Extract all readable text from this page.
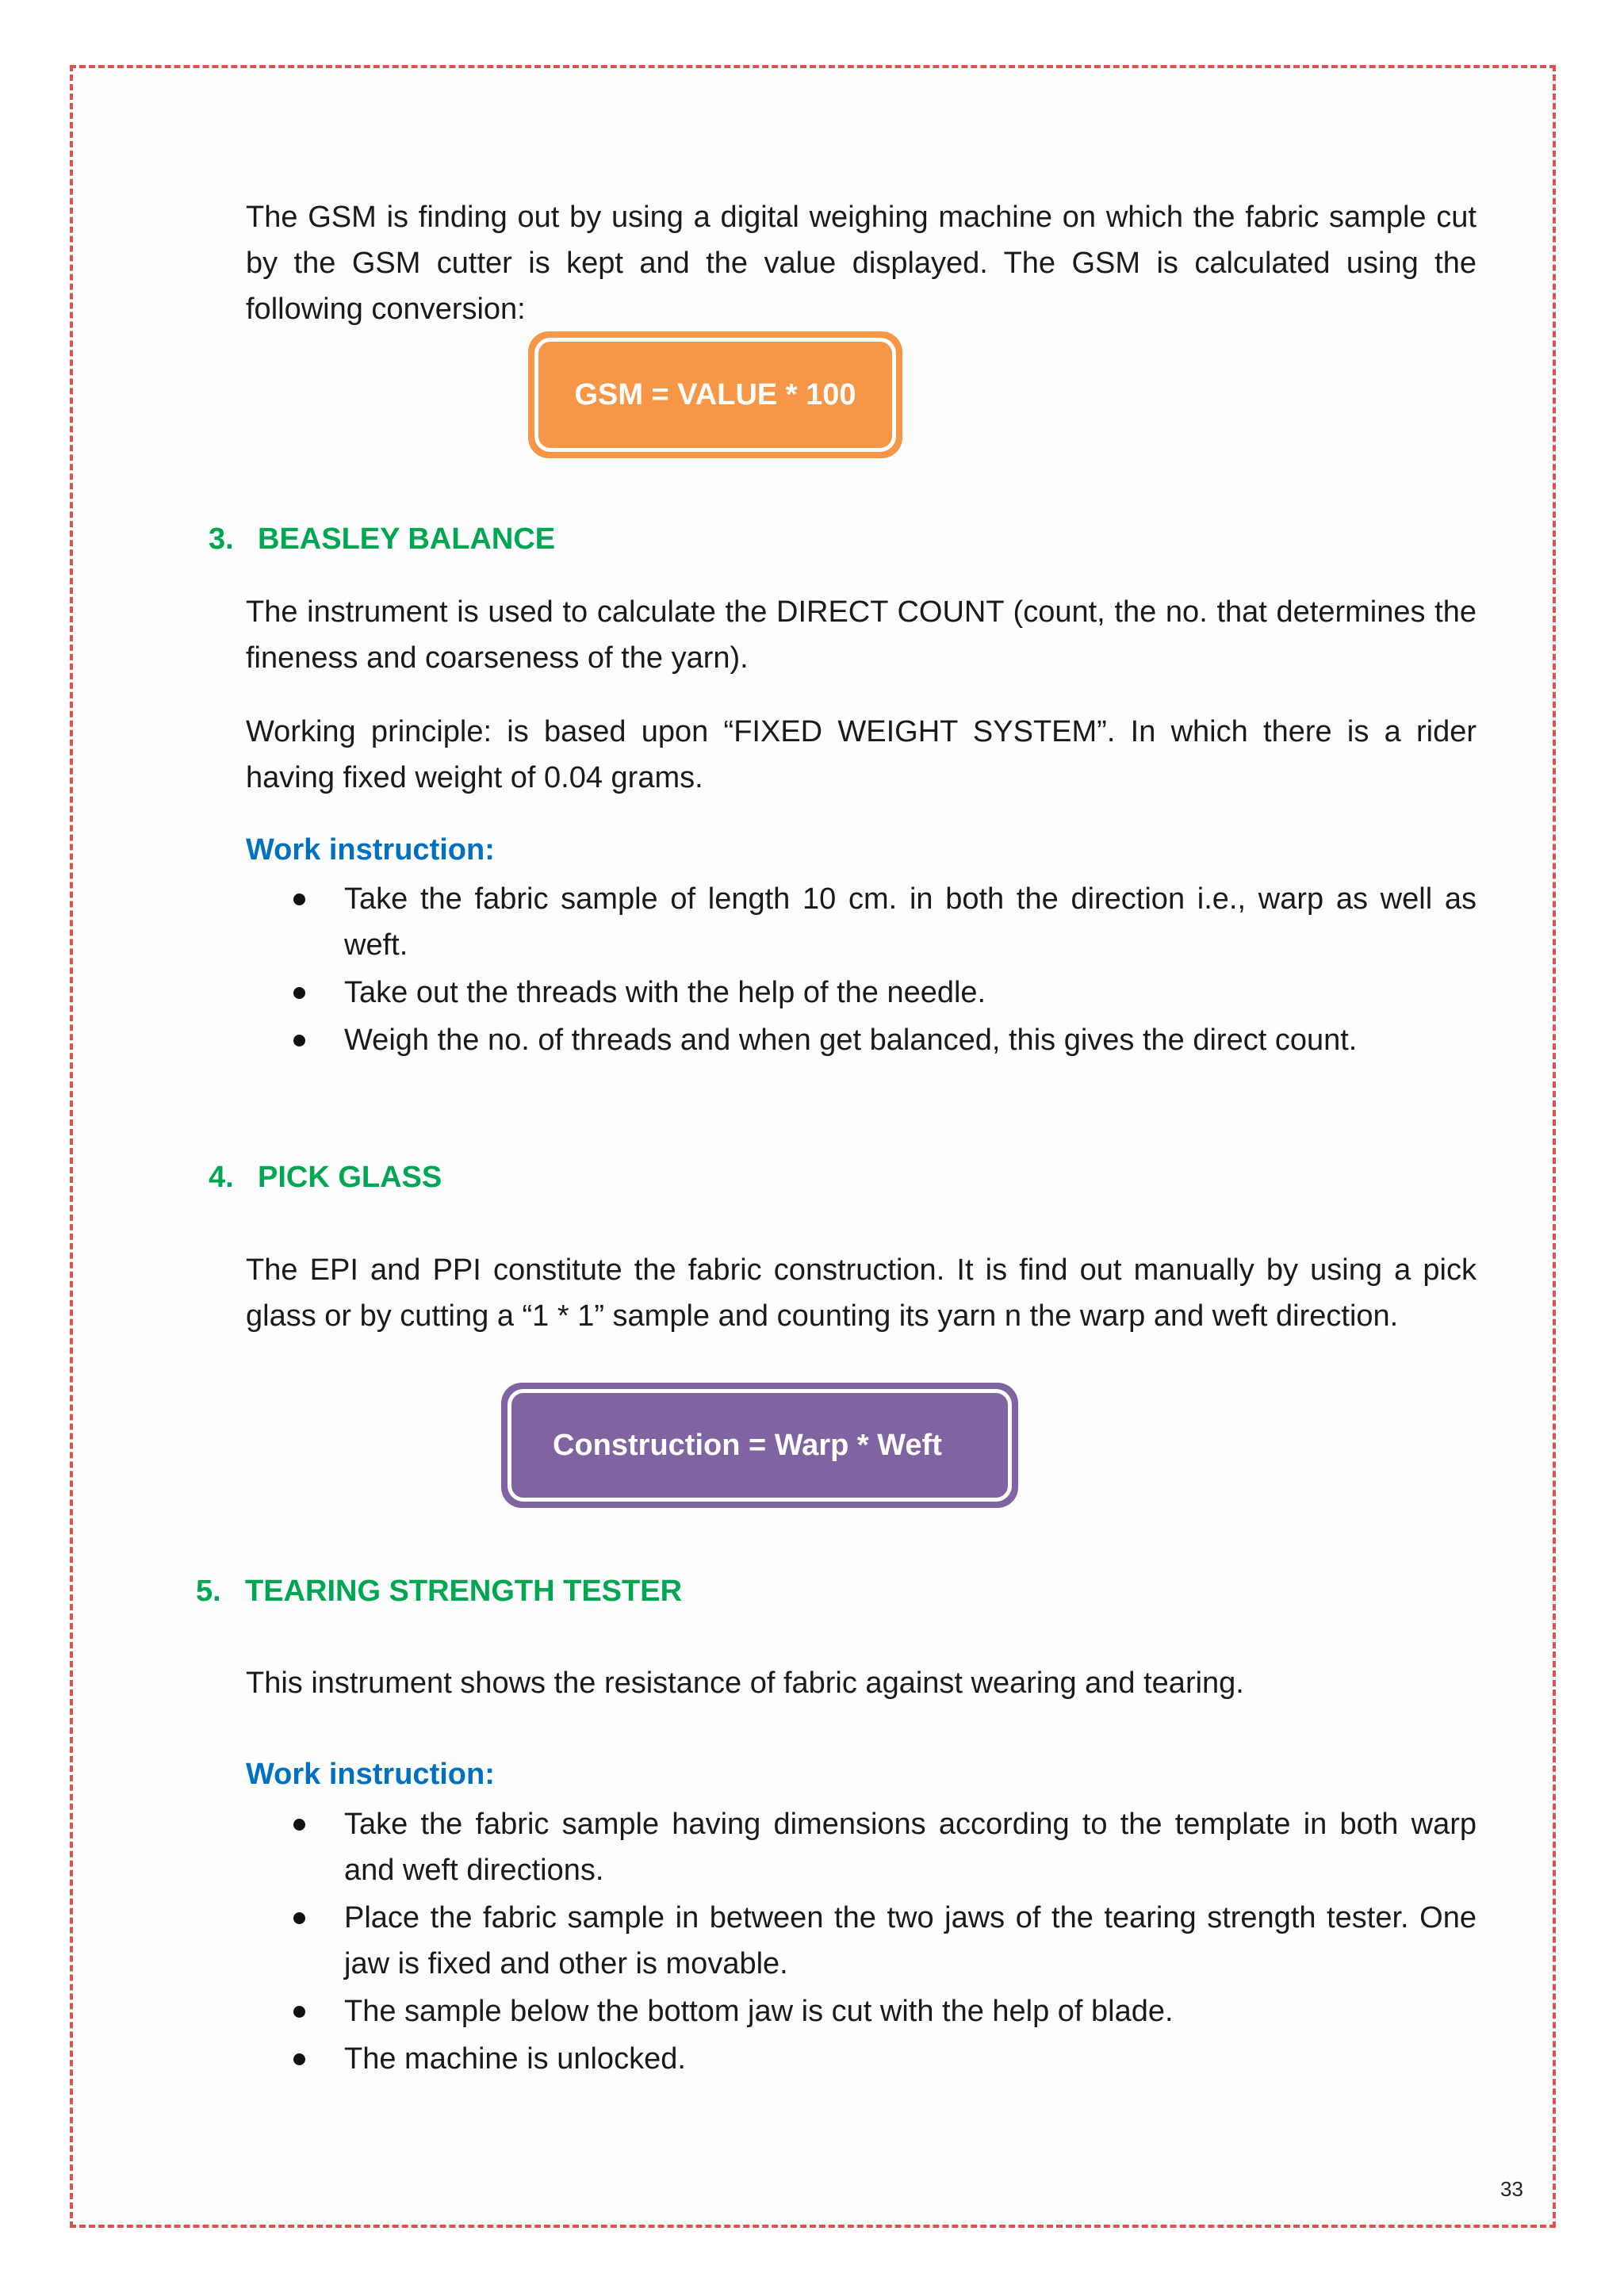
The GSM is finding out by using a digital weighing machine on which the fabric sample cut by the GSM cutter is kept and the value displayed. The GSM is calculated using the following conversion:
GSM = VALUE * 100
3. BEASLEY BALANCE
The instrument is used to calculate the DIRECT COUNT (count, the no. that determines the fineness and coarseness of the yarn).
Working principle: is based upon “FIXED WEIGHT SYSTEM”. In which there is a rider having fixed weight of 0.04 grams.
Work instruction:
Take the fabric sample of length 10 cm. in both the direction i.e., warp as well as weft.
Take out the threads with the help of the needle.
Weigh the no. of threads and when get balanced, this gives the direct count.
4. PICK GLASS
The EPI and PPI constitute the fabric construction. It is find out manually by using a pick glass or by cutting a “1 * 1” sample and counting its yarn n the warp and weft direction.
Construction = Warp * Weft
5. TEARING STRENGTH TESTER
This instrument shows the resistance of fabric against wearing and tearing.
Work instruction:
Take the fabric sample having dimensions according to the template in both warp and weft directions.
Place the fabric sample in between the two jaws of the tearing strength tester. One jaw is fixed and other is movable.
The sample below the bottom jaw is cut with the help of blade.
The machine is unlocked.
33
